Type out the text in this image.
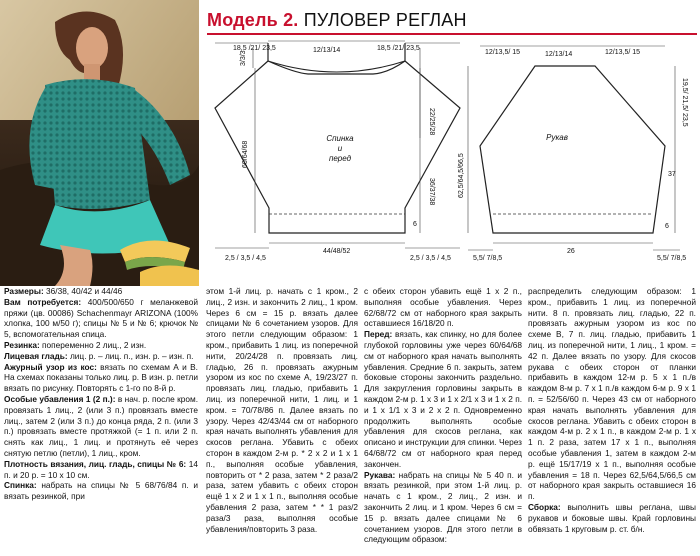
Модель 2. ПУЛОВЕР РЕГЛАН
18,5 /21/ 23,5	12/13/14	18,5 /21/ 23,5
3/3/3
22/25/28
60/64/68
36/37/38
6
Спинка
и
перед
2,5 / 3,5 / 4,5
44/48/52
2,5 / 3,5 / 4,5
12/13,5/ 15	12/13/14	12/13,5/ 15
19,5/ 21,5/ 23,5
62,5/64,5/66,5	37
6
Рукав
5,5/ 7/8,5
26
5,5/ 7/8,5

Размеры: 36/38, 40/42 и 44/46

Вам потребуется: 400/500/650 г меланжевой пряжи (цв. 00086) Schachenmayr ARIZONA (100% хлопка, 100 м/50 г); спицы № 5 и № 6; крючок № 5, вспомогательная спица.

Резинка: попеременно 2 лиц., 2 изн.

Лицевая гладь: лиц. р. – лиц. п., изн. р. – изн. п.

Ажурный узор из кос: вязать по схемам А и В. На схемах показаны только лиц. р. В изн. р. петли вязать по рисунку. Повторять с 1-го по 8-й р.

Особые убавления 1 (2 п.): в нач. р. после кром. провязать 1 лиц., 2 (или 3 п.) провязать вместе лиц., затем 2 (или 3 п.) до конца ряда, 2 п. (или 3 п.) провязать вместе протяжкой (= 1 п. или 2 п. снять как лиц., 1 лиц. и протянуть её через снятую петлю (петли), 1 лиц., кром.

Плотность вязания, лиц. гладь, спицы № 6: 14 п. и 20 р. = 10 х 10 см.

Спинка: набрать на спицы № 5 68/76/84 п. и вязать резинкой, при

этом 1-й лиц. р. начать с 1 кром., 2 лиц., 2 изн. и закончить 2 лиц., 1 кром. Через 6 см = 15 р. вязать далее спицами № 6 сочетанием узоров. Для этого петли следующим образом: 1 кром., прибавить 1 лиц. из поперечной нити, 20/24/28 п. провязать лиц. гладью, 26 п. провязать ажурным узором из кос по схеме А, 19/23/27 п. провязать лиц. гладью, прибавить 1 лиц. из поперечной нити, 1 лиц. и 1 кром. = 70/78/86 п. Далее вязать по узору. Через 42/43/44 см от наборного края начать выполнять убавления для скосов реглана. Убавить с обеих сторон в каждом 2-м р. * 2 х 2 и 1 х 1 п., выполняя особые убавления, повторить от * 2 раза, затем * 2 раза/2 раза, затем убавить с обеих сторон ещё 1 х 2 и 1 х 1 п., выполняя особые убавления 2 раза, затем * * 1 раз/2 раза/3 раза, выполняя особые убавления/повторить 3 раза.

с обеих сторон убавить ещё 1 х 2 п., выполняя особые убавления. Через 62/68/72 см от наборного края закрыть оставшиеся 16/18/20 п.

Перед: вязать, как спинку, но для более глубокой горловины уже через 60/64/68 см от наборного края начать выполнять убавления. Средние 6 п. закрыть, затем боковые стороны закончить раздельно. Для закругления горловины закрыть в каждом 2-м р. 1 х 3 и 1 х 2/1 х 3 и 1 х 2 п. и 1 х 1/1 х 3 и 2 х 2 п. Одновременно продолжить выполнять особые убавления для скосов реглана, как описано и инструкции для спинки. Через 64/68/72 см от наборного края перед закончен.

Рукава: набрать на спицы № 5 40 п. и вязать резинкой, при этом 1-й лиц. р. начать с 1 кром., 2 лиц., 2 изн. и закончить 2 лиц. и 1 кром. Через 6 см = 15 р. вязать далее спицами № 6 сочетанием узоров. Для этого петли в следующим образом:

распределить следующим образом: 1 кром., прибавить 1 лиц. из поперечной нити. 8 п. провязать лиц. гладью, 22 п. провязать ажурным узором из кос по схеме В, 7 п. лиц. гладью, прибавить 1 лиц. из поперечной нити, 1 лиц., 1 кром. = 42 п. Далее вязать по узору. Для скосов рукава с обеих сторон от планки прибавить в каждом 12-м р. 5 х 1 п./в каждом 8-м р. 7 х 1 п./в каждом 6-м р. 9 х 1 п. = 52/56/60 п. Через 43 см от наборного края начать выполнять убавления для скосов реглана. Убавить с обеих сторон в каждом 4-м р. 2 х 1 п., в каждом 2-м р. 1 х 1 п. 2 раза, затем 17 х 1 п., выполняя особые убавления 1, затем в каждом 2-м р. ещё 15/17/19 х 1 п., выполняя особые убавления = 18 п. Через 62,5/64,5/66,5 см от наборного края закрыть оставшиеся 16 п.

Сборка: выполнить швы реглана, швы рукавов и боковые швы. Край горловины обвязать 1 круговым р. ст. б/н.
